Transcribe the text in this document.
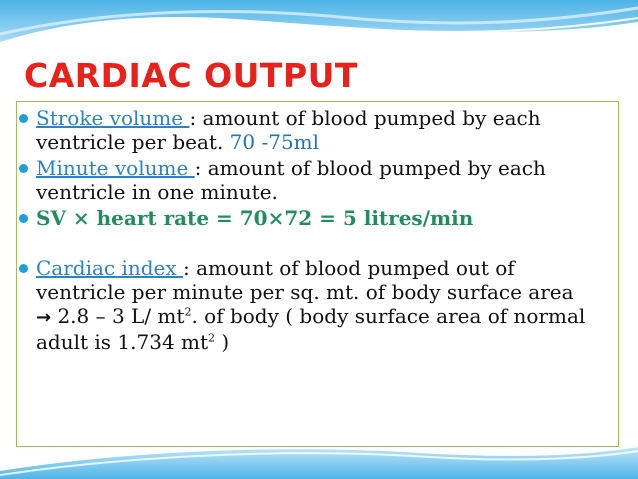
CARDIAC OUTPUT
Stroke volume : amount of blood pumped by each ventricle per beat. 70 -75ml
Minute volume : amount of blood pumped by each ventricle in one minute.
SV × heart rate = 70×72 = 5 litres/min
Cardiac index : amount of blood pumped out of ventricle per minute per sq. mt. of body surface area → 2.8 – 3 L/ $mt^2$. of body ( body surface area of normal adult is 1.734 $mt^2$ )
